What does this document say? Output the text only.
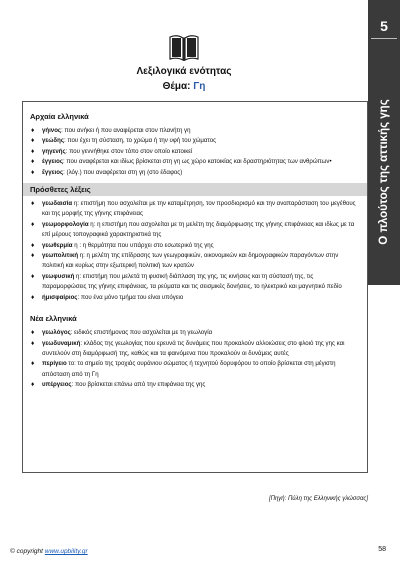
5
Ο πλούτος της αττικής γης
Λεξιλογικά ενότητας
Θέμα: Γη
Αρχαία ελληνικά
♦ γήινος: που ανήκει ή που αναφέρεται στον πλανήτη γη
♦ γεώδης: που έχει τη σύσταση, το χρώμα ή την υφή του χώματος
♦ γηγενής: που γεννήθηκε στον τόπο στον οποίο κατοικεί
♦ έγγειος: που αναφέρεται και ιδίως βρίσκεται στη γη ως χώρο κατοικίας και δραστηριότητας των ανθρώπων•
♦ ἔγγειος: (λόγ.) που αναφέρεται στη γη (στο έδαφος)
Πρόσθετες λέξεις
♦ γεωδαισία η: επιστήμη που ασχολείται με την καταμέτρηση, τον προσδιορισμό και την αναπαράσταση του μεγέθους και της μορφής της γήινης επιφάνειας
♦ γεωμορφολογία η: η επιστήμη που ασχολείται με τη μελέτη της διαμόρφωσης της γήινης επιφάνειας και ιδίως με τα επί μέρους τοπογραφικά χαρακτηριστικά της
♦ γεωθερμία η : η θερμότητα που υπάρχει στο εσωτερικό της γης
♦ γεωπολιτική η: η μελέτη της επίδρασης των γεωγραφικών, οικονομικών και δημογραφικών παραγόντων στην πολιτική και κυρίως στην εξωτερική πολιτική των κρατών
♦ γεωφυσική η: επιστήμη που μελετά τη φυσική διάπλαση της γης, τις κινήσεις και τη σύστασή της, τις παραμορφώσεις της γήινης επιφάνειας, τα ρεύματα και τις σεισμικές δονήσεις, το ηλεκτρικό και μαγνητικό πεδίο
♦ ήμισφαίριος: που ένα μόνο τμήμα του είναι υπόγειο
Νέα ελληνικά
♦ γεωλόγος: ειδικός επιστήμονας που ασχολείται με τη γεωλογία
♦ γεωδυναμική: κλάδος της γεωλογίας που ερευνά τις δυνάμεις που προκαλούν αλλοιώσεις στο φλοιό της γης και συντελούν στη διαμόρφωσή της, καθώς και τα φαινόμενα που προκαλούν οι δυνάμεις αυτές
♦ περίγειο το: το σημείο της τροχιάς ουράνιου σώματος ή τεχνητού δορυφόρου το οποίο βρίσκεται στη μέγιστη απόσταση από τη Γη
♦ υπέργειος: που βρίσκεται επάνω από την επιφάνεια της γης
[Πηγή: Πύλη της Ελληνικής γλώσσας]
© copyright www.upbility.gr	58
